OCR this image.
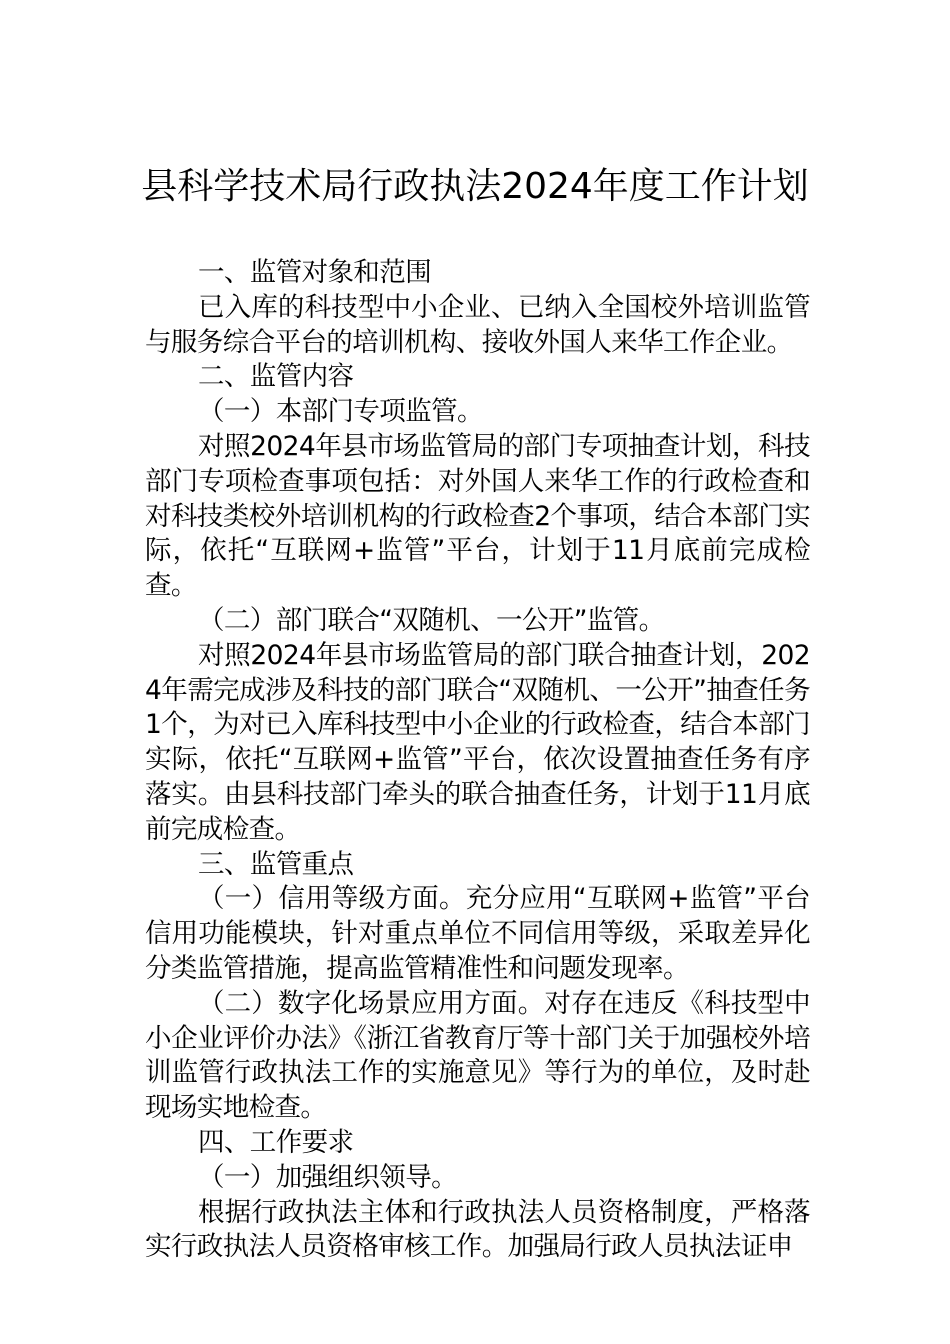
县科学技术局行政执法2024年度工作计划

一、监管对象和范围

已入库的科技型中小企业、已纳入全国校外培训监管与服务综合平台的培训机构、接收外国人来华工作企业。

二、监管内容

（一）本部门专项监管。

对照2024年县市场监管局的部门专项抽查计划，科技部门专项检查事项包括：对外国人来华工作的行政检查和对科技类校外培训机构的行政检查2个事项，结合本部门实际，依托“互联网+监管”平台，计划于11月底前完成检查。

（二）部门联合“双随机、一公开”监管。

对照2024年县市场监管局的部门联合抽查计划，2024年需完成涉及科技的部门联合“双随机、一公开”抽查任务1个，为对已入库科技型中小企业的行政检查，结合本部门实际，依托“互联网+监管”平台，依次设置抽查任务有序落实。由县科技部门牵头的联合抽查任务，计划于11月底前完成检查。

三、监管重点

（一）信用等级方面。充分应用“互联网+监管”平台信用功能模块，针对重点单位不同信用等级，采取差异化分类监管措施，提高监管精准性和问题发现率。

（二）数字化场景应用方面。对存在违反《科技型中小企业评价办法》《浙江省教育厅等十部门关于加强校外培训监管行政执法工作的实施意见》等行为的单位，及时赴现场实地检查。

四、工作要求

（一）加强组织领导。

根据行政执法主体和行政执法人员资格制度，严格落实行政执法人员资格审核工作。加强局行政人员执法证申
